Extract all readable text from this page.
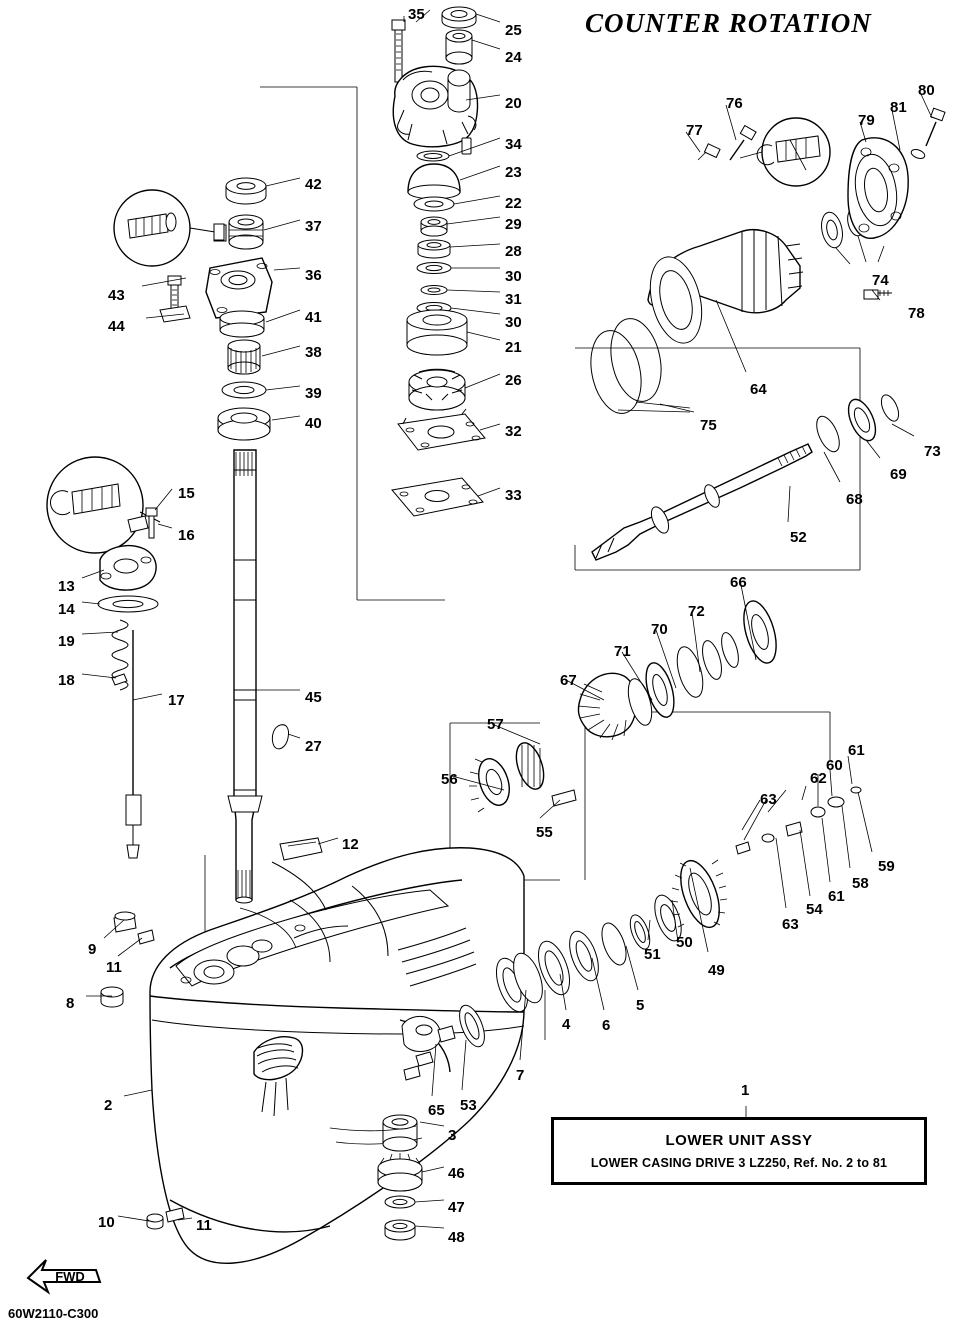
COUNTER ROTATION
LOWER UNIT ASSY
LOWER CASING DRIVE 3 LZ250, Ref. No. 2 to 81
1
FWD
60W2110-C300
35
25
24
20
34
23
22
29
28
30
31
30
21
26
32
33
42
37
36
41
38
39
40
43
44
15
16
13
14
19
18
17	45
27
12
9
11
8
2
10	11
3
46
47
48
65 53
7
4 6
5
51
50
49
63
63
54
61
58
59
62
60
61
56
55
57
67
71
70
72
66
52
68
69
73
75
64
78
74
77
76
79
81
80
